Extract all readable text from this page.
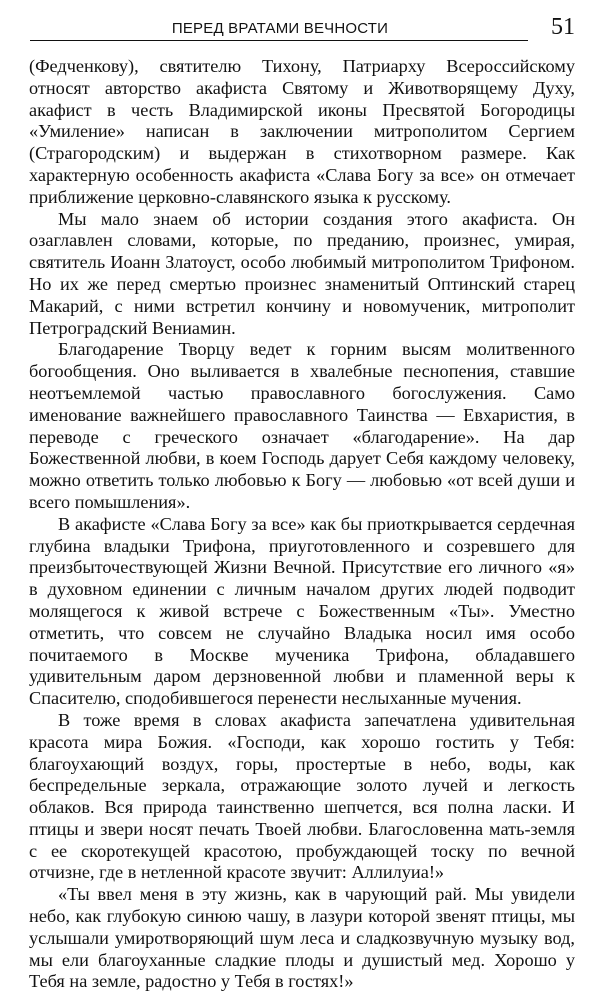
ПЕРЕД ВРАТАМИ ВЕЧНОСТИ	51

(Федченкову), святителю Тихону, Патриарху Всероссийскому относят авторство акафиста Святому и Животворящему Духу, акафист в честь Владимирской иконы Пресвятой Богородицы «Умиление» написан в заключении митрополитом Сергием (Страгородским) и выдержан в стихотворном размере. Как характерную особенность акафиста «Слава Богу за все» он отмечает приближение церковно-славянского языка к русскому.

Мы мало знаем об истории создания этого акафиста. Он озаглавлен словами, которые, по преданию, произнес, умирая, святитель Иоанн Златоуст, особо любимый митрополитом Трифоном. Но их же перед смертью произнес знаменитый Оптинский старец Макарий, с ними встретил кончину и новомученик, митрополит Петроградский Вениамин.

Благодарение Творцу ведет к горним высям молитвенного богообщения. Оно выливается в хвалебные песнопения, ставшие неотъемлемой частью православного богослужения. Само именование важнейшего православного Таинства — Евхаристия, в переводе с греческого означает «благодарение». На дар Божественной любви, в коем Господь дарует Себя каждому человеку, можно ответить только любовью к Богу — любовью «от всей души и всего помышления».

В акафисте «Слава Богу за все» как бы приоткрывается сердечная глубина владыки Трифона, приуготовленного и созревшего для преизбыточествующей Жизни Вечной. Присутствие его личного «я» в духовном единении с личным началом других людей подводит молящегося к живой встрече с Божественным «Ты». Уместно отметить, что совсем не случайно Владыка носил имя особо почитаемого в Москве мученика Трифона, обладавшего удивительным даром дерзновенной любви и пламенной веры к Спасителю, сподобившегося перенести неслыханные мучения.

В тоже время в словах акафиста запечатлена удивительная красота мира Божия. «Господи, как хорошо гостить у Тебя: благоухающий воздух, горы, простертые в небо, воды, как беспредельные зеркала, отражающие золото лучей и легкость облаков. Вся природа таинственно шепчется, вся полна ласки. И птицы и звери носят печать Твоей любви. Благословенна мать-земля с ее скоротекущей красотою, пробуждающей тоску по вечной отчизне, где в нетленной красоте звучит: Аллилуиа!»

«Ты ввел меня в эту жизнь, как в чарующий рай. Мы увидели небо, как глубокую синюю чашу, в лазури которой звенят птицы, мы услышали умиротворяющий шум леса и сладкозвучную музыку вод, мы ели благоуханные сладкие плоды и душистый мед. Хорошо у Тебя на земле, радостно у Тебя в гостях!»
